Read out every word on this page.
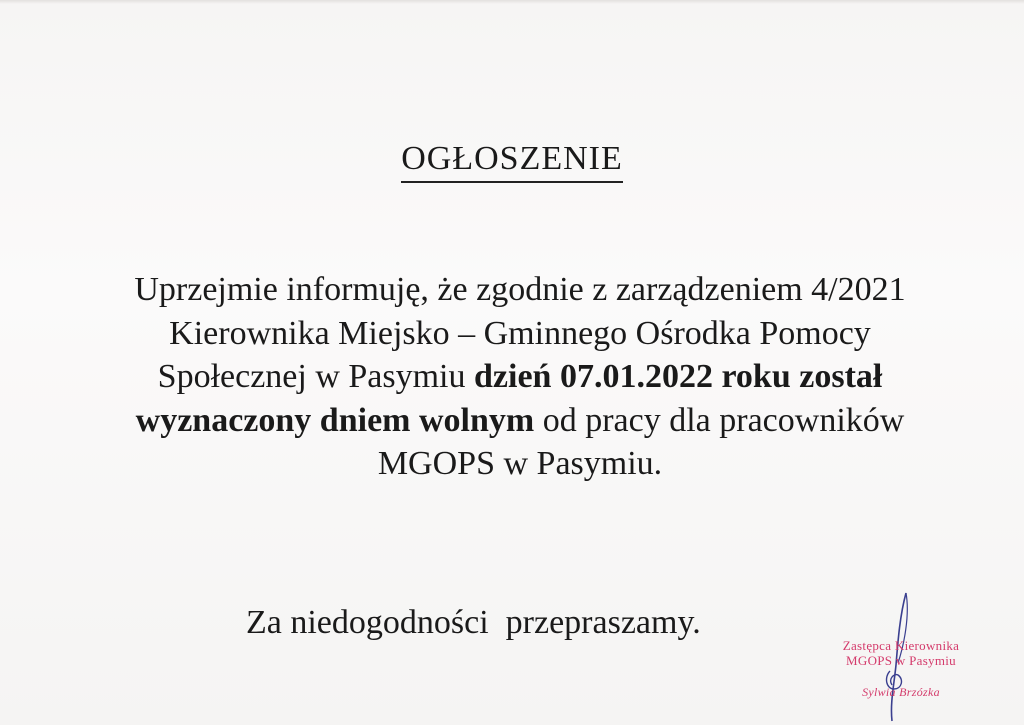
OGŁOSZENIE
Uprzejmie informuję, że zgodnie z zarządzeniem 4/2021
Kierownika Miejsko – Gminnego Ośrodka Pomocy
Społecznej w Pasymiu dzień 07.01.2022 roku został
wyznaczony dniem wolnym od pracy dla pracowników
MGOPS w Pasymiu.
Za niedogodności  przepraszamy.
Zastępca Kierownika
MGOPS w Pasymiu
Sylwia Brzózka
